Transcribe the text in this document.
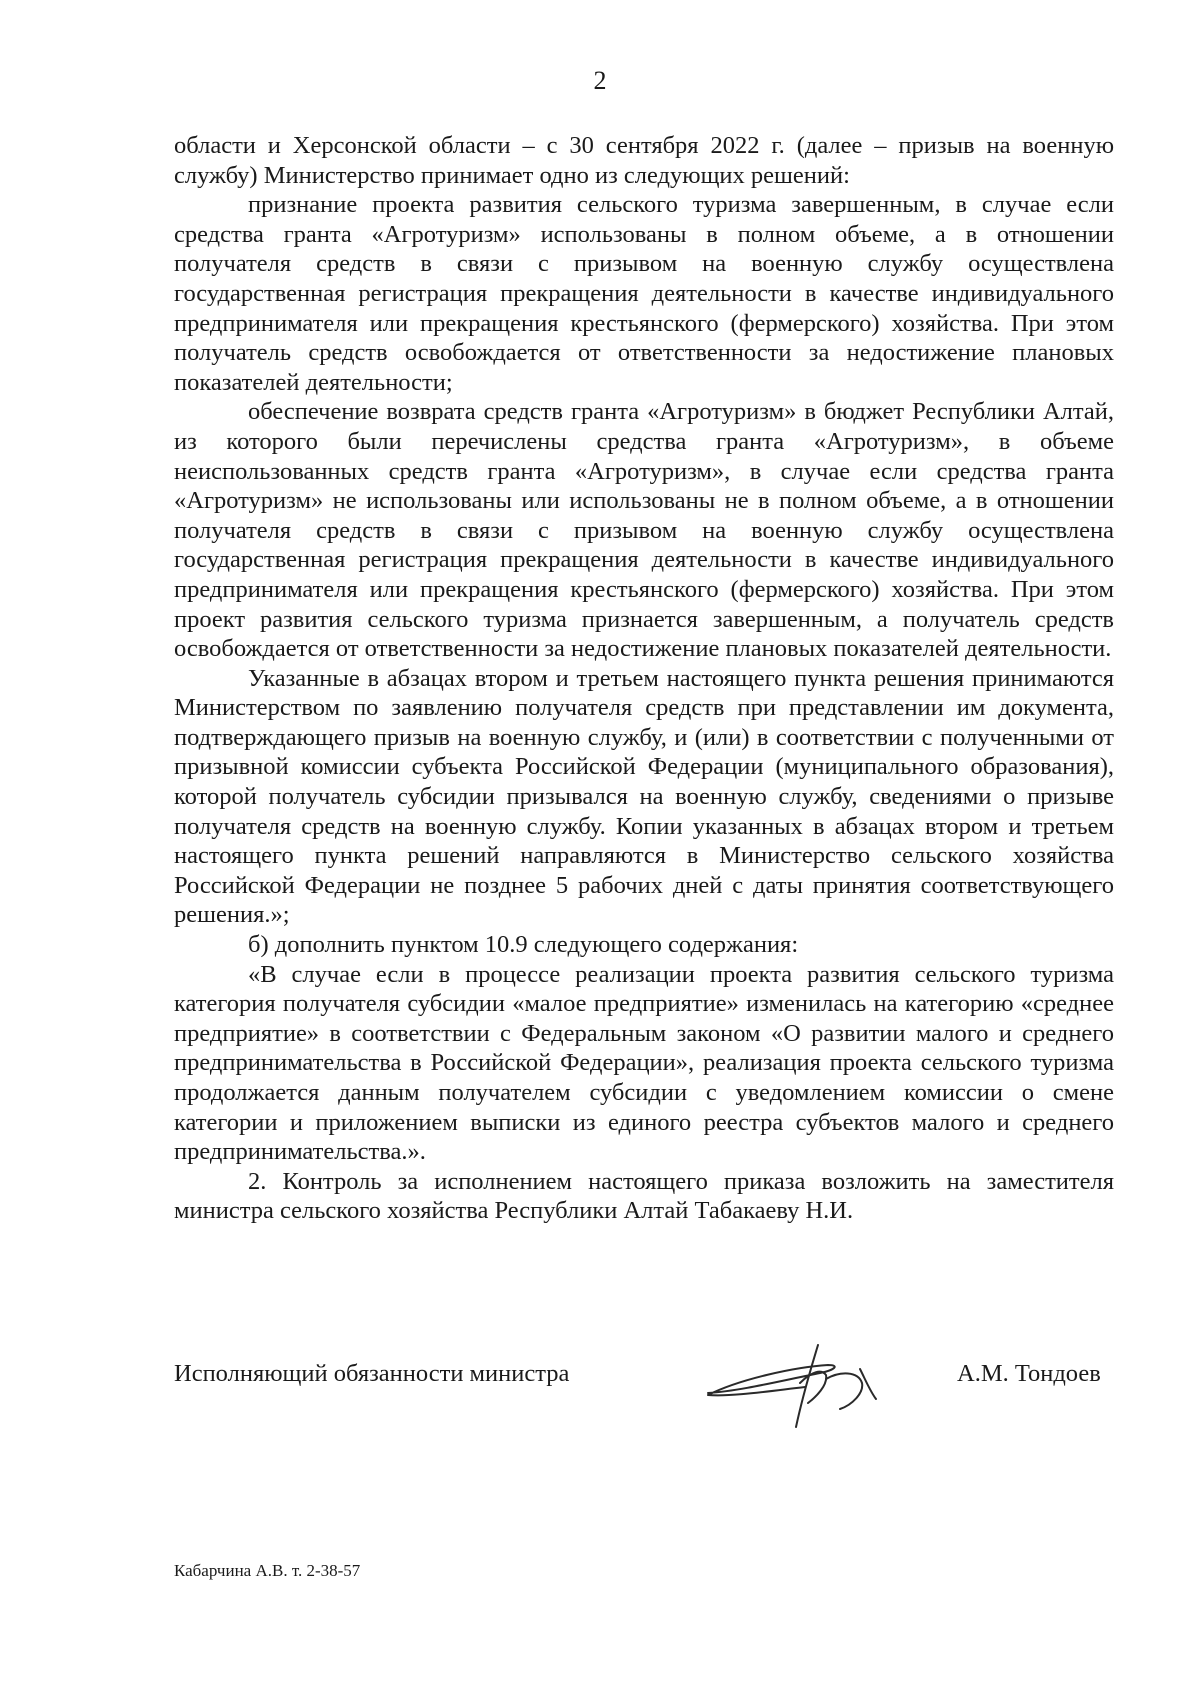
2

области и Херсонской области – с 30 сентября 2022 г. (далее – призыв на военную службу) Министерство принимает одно из следующих решений:

признание проекта развития сельского туризма завершенным, в случае если средства гранта «Агротуризм» использованы в полном объеме, а в отношении получателя средств в связи с призывом на военную службу осуществлена государственная регистрация прекращения деятельности в качестве индивидуального предпринимателя или прекращения крестьянского (фермерского) хозяйства. При этом получатель средств освобождается от ответственности за недостижение плановых показателей деятельности;

обеспечение возврата средств гранта «Агротуризм» в бюджет Республики Алтай, из которого были перечислены средства гранта «Агротуризм», в объеме неиспользованных средств гранта «Агротуризм», в случае если средства гранта «Агротуризм» не использованы или использованы не в полном объеме, а в отношении получателя средств в связи с призывом на военную службу осуществлена государственная регистрация прекращения деятельности в качестве индивидуального предпринимателя или прекращения крестьянского (фермерского) хозяйства. При этом проект развития сельского туризма признается завершенным, а получатель средств освобождается от ответственности за недостижение плановых показателей деятельности.

Указанные в абзацах втором и третьем настоящего пункта решения принимаются Министерством по заявлению получателя средств при представлении им документа, подтверждающего призыв на военную службу, и (или) в соответствии с полученными от призывной комиссии субъекта Российской Федерации (муниципального образования), которой получатель субсидии призывался на военную службу, сведениями о призыве получателя средств на военную службу. Копии указанных в абзацах втором и третьем настоящего пункта решений направляются в Министерство сельского хозяйства Российской Федерации не позднее 5 рабочих дней с даты принятия соответствующего решения.»;

б) дополнить пунктом 10.9 следующего содержания:

«В случае если в процессе реализации проекта развития сельского туризма категория получателя субсидии «малое предприятие» изменилась на категорию «среднее предприятие» в соответствии с Федеральным законом «О развитии малого и среднего предпринимательства в Российской Федерации», реализация проекта сельского туризма продолжается данным получателем субсидии с уведомлением комиссии о смене категории и приложением выписки из единого реестра субъектов малого и среднего предпринимательства.».

2. Контроль за исполнением настоящего приказа возложить на заместителя министра сельского хозяйства Республики Алтай Табакаеву Н.И.

Исполняющий обязанности министра	А.М. Тондоев
Кабарчина А.В. т. 2-38-57
